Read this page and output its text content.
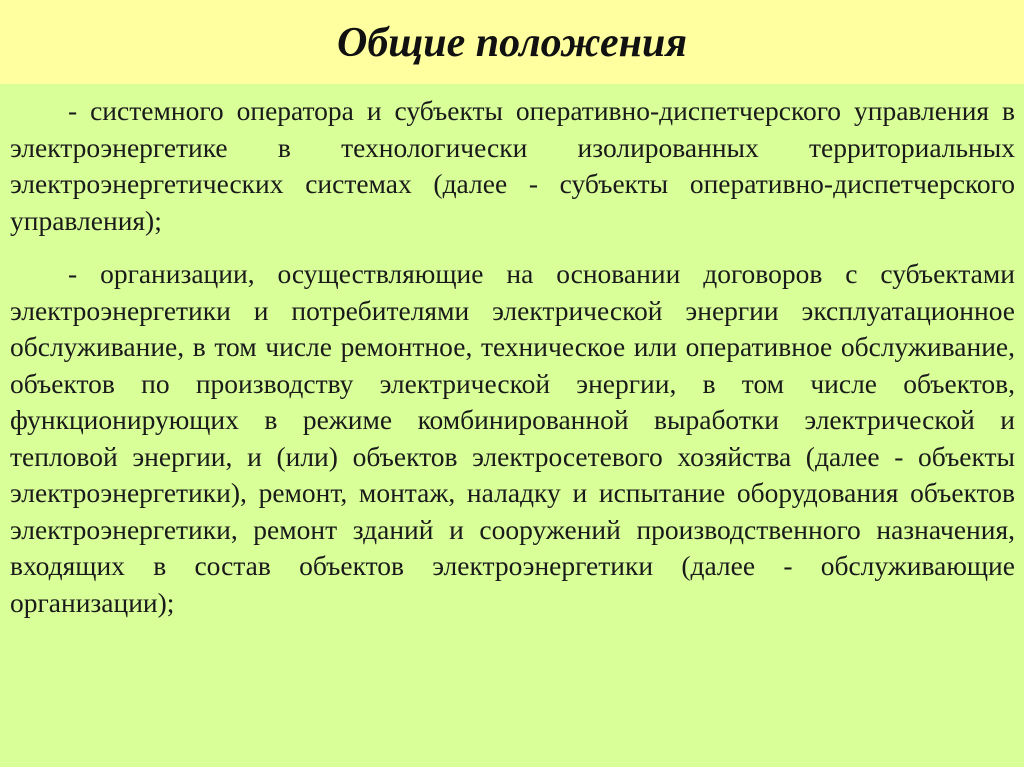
Общие положения

- системного оператора и субъекты оперативно-диспетчерского управления в электроэнергетике в технологически изолированных территориальных электроэнергетических системах (далее - субъекты оперативно-диспетчерского управления);

- организации, осуществляющие на основании договоров с субъектами электроэнергетики и потребителями электрической энергии эксплуатационное обслуживание, в том числе ремонтное, техническое или оперативное обслуживание, объектов по производству электрической энергии, в том числе объектов, функционирующих в режиме комбинированной выработки электрической и тепловой энергии, и (или) объектов электросетевого хозяйства (далее - объекты электроэнергетики), ремонт, монтаж, наладку и испытание оборудования объектов электроэнергетики, ремонт зданий и сооружений производственного назначения, входящих в состав объектов электроэнергетики (далее - обслуживающие организации);
